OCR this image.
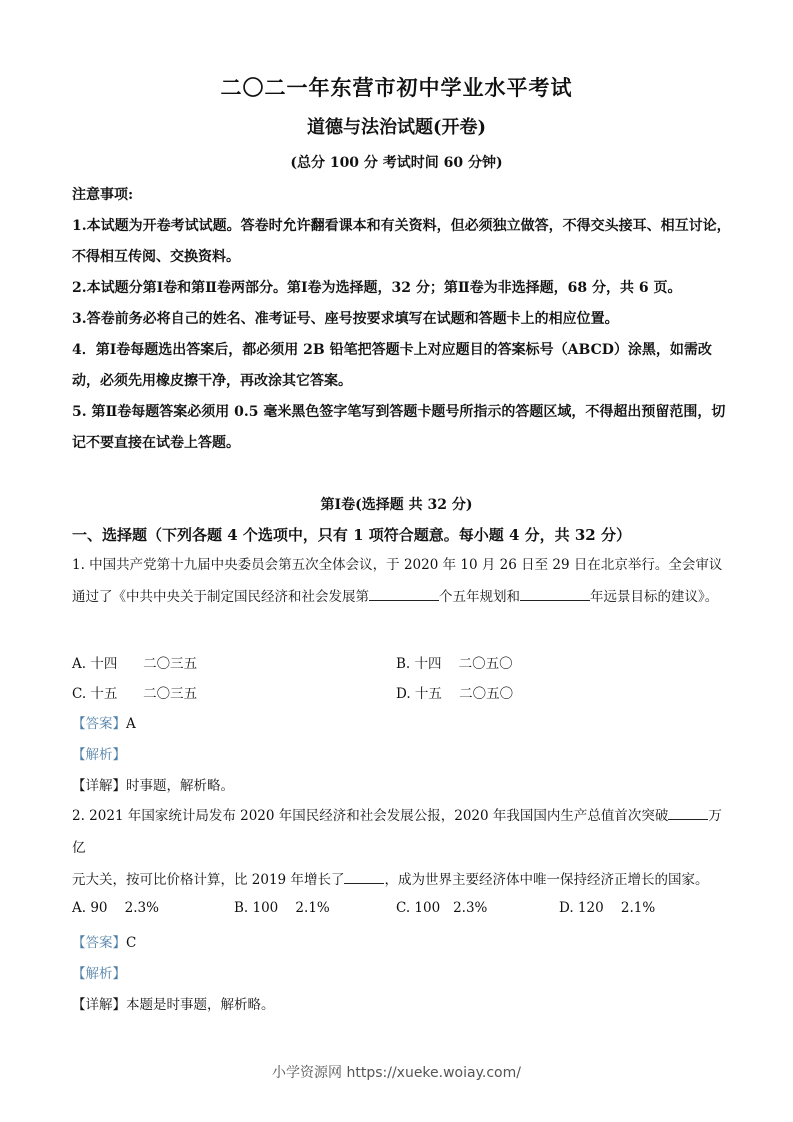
二〇二一年东营市初中学业水平考试
道德与法治试题(开卷)
(总分 100 分 考试时间 60 分钟)

注意事项:

1.本试题为开卷考试试题。答卷时允许翻看课本和有关资料，但必须独立做答，不得交头接耳、相互讨论，不得相互传阅、交换资料。

2.本试题分第Ⅰ卷和第Ⅱ卷两部分。第Ⅰ卷为选择题，32 分；第Ⅱ卷为非选择题，68 分，共 6 页。

3.答卷前务必将自己的姓名、准考证号、座号按要求填写在试题和答题卡上的相应位置。

4．第Ⅰ卷每题选出答案后，都必须用 2B 铅笔把答题卡上对应题目的答案标号（ABCD）涂黑，如需改动，必须先用橡皮擦干净，再改涂其它答案。

5. 第Ⅱ卷每题答案必须用 0.5 毫米黑色签字笔写到答题卡题号所指示的答题区域，不得超出预留范围，切记不要直接在试卷上答题。

第Ⅰ卷(选择题 共 32 分)
一、选择题（下列各题 4 个选项中，只有 1 项符合题意。每小题 4 分，共 32 分）

1. 中国共产党第十九届中央委员会第五次全体会议，于 2020 年 10 月 26 日至 29 日在北京举行。全会审议

通过了《中共中央关于制定国民经济和社会发展第	个五年规划和	年远景目标的建议》。

A. 十四      二〇三五	B. 十四    二〇五〇
C. 十五      二〇三五	D. 十五    二〇五〇
【答案】A
【解析】
【详解】时事题，解析略。

2. 2021 年国家统计局发布 2020 年国民经济和社会发展公报，2020 年我国国内生产总值首次突破	万亿

元大关，按可比价格计算，比 2019 年增长了	，成为世界主要经济体中唯一保持经济正增长的国家。

A. 90    2.3%	B. 100    2.1%	C. 100   2.3%	D. 120    2.1%
【答案】C
【解析】
【详解】本题是时事题，解析略。
小学资源网 https://xueke.woiay.com/
